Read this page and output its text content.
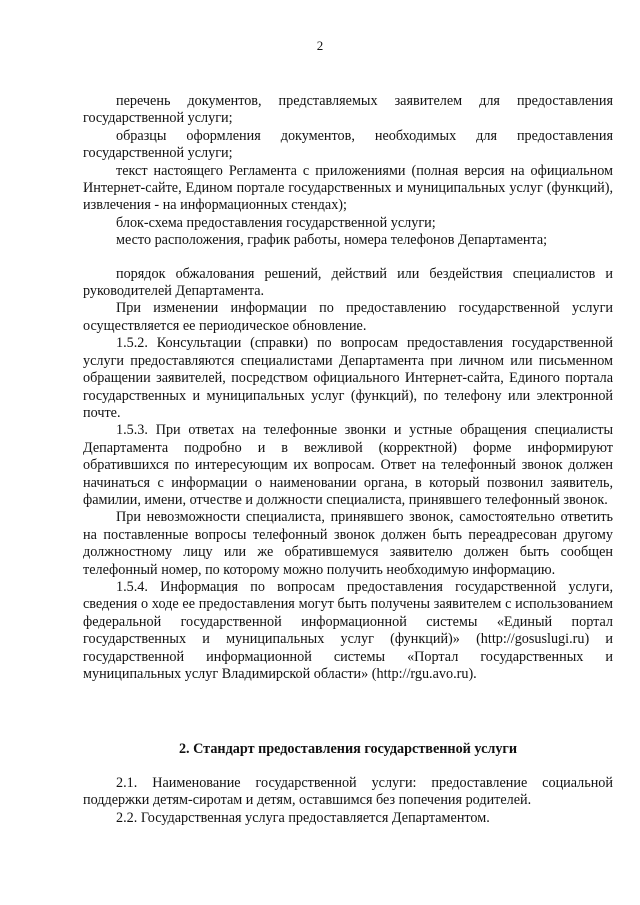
2

перечень документов, представляемых заявителем для предоставления государственной услуги;

образцы оформления документов, необходимых для предоставления государственной услуги;

текст настоящего Регламента с приложениями (полная версия на официальном Интернет-сайте, Едином портале государственных и муниципальных услуг (функций), извлечения - на информационных стендах);

блок-схема предоставления государственной услуги;

место расположения, график работы, номера телефонов Департамента;

порядок обжалования решений, действий или бездействия специалистов и руководителей Департамента.

При изменении информации по предоставлению государственной услуги осуществляется ее периодическое обновление.

1.5.2. Консультации (справки) по вопросам предоставления государственной услуги предоставляются специалистами Департамента при личном или письменном обращении заявителей, посредством официального Интернет-сайта, Единого портала государственных и муниципальных услуг (функций), по телефону или электронной почте.

1.5.3. При ответах на телефонные звонки и устные обращения специалисты Департамента подробно и в вежливой (корректной) форме информируют обратившихся по интересующим их вопросам. Ответ на телефонный звонок должен начинаться с информации о наименовании органа, в который позвонил заявитель, фамилии, имени, отчестве и должности специалиста, принявшего телефонный звонок.

При невозможности специалиста, принявшего звонок, самостоятельно ответить на поставленные вопросы телефонный звонок должен быть переадресован другому должностному лицу или же обратившемуся заявителю должен быть сообщен телефонный номер, по которому можно получить необходимую информацию.

1.5.4. Информация по вопросам предоставления государственной услуги, сведения о ходе ее предоставления могут быть получены заявителем с использованием федеральной государственной информационной системы «Единый портал государственных и муниципальных услуг (функций)» (http://gosuslugi.ru) и государственной информационной системы «Портал государственных и муниципальных услуг Владимирской области» (http://rgu.avo.ru).

2. Стандарт предоставления государственной услуги

2.1. Наименование государственной услуги: предоставление социальной поддержки детям-сиротам и детям, оставшимся без попечения родителей.

2.2. Государственная услуга предоставляется Департаментом.
